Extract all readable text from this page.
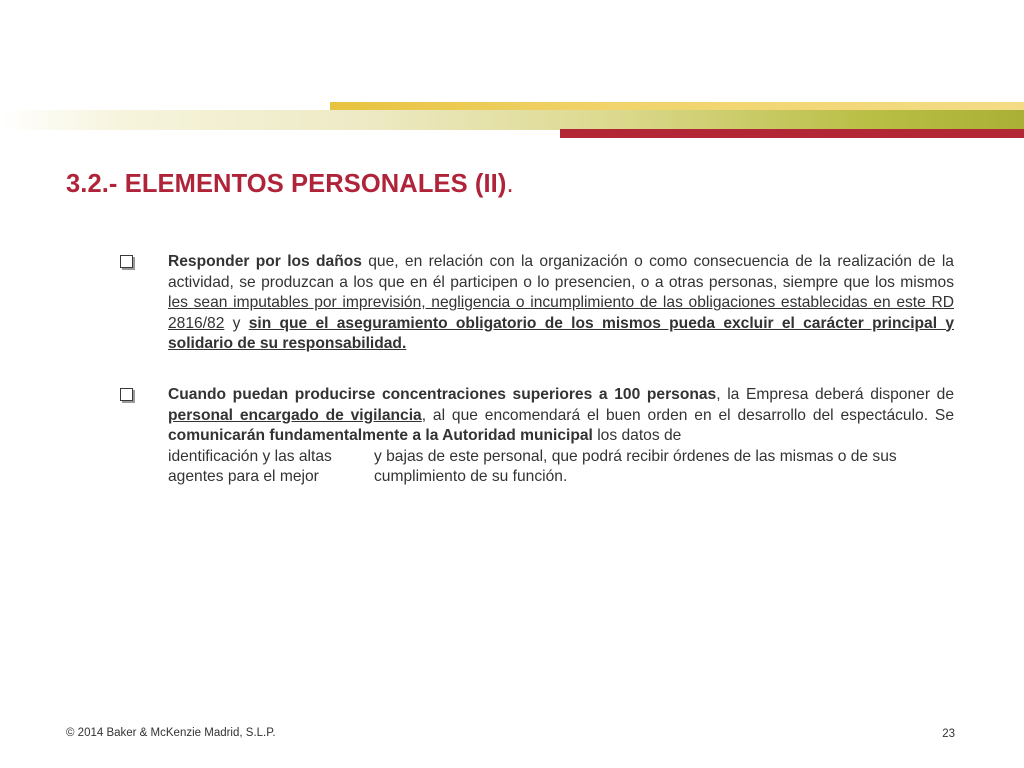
3.2.- ELEMENTOS PERSONALES (II).
Responder por los daños que, en relación con la organización o como consecuencia de la realización de la actividad, se produzcan a los que en él participen o lo presencien, o a otras personas, siempre que los mismos les sean imputables por imprevisión, negligencia o incumplimiento de las obligaciones establecidas en este RD 2816/82 y sin que el aseguramiento obligatorio de los mismos pueda excluir el carácter principal y solidario de su responsabilidad.
Cuando puedan producirse concentraciones superiores a 100 personas, la Empresa deberá disponer de personal encargado de vigilancia, al que encomendará el buen orden en el desarrollo del espectáculo. Se comunicarán fundamentalmente a la Autoridad municipal los datos de
identificación y las altas	y bajas de este personal, que podrá recibir órdenes de las mismas o de sus
agentes para el mejor	cumplimiento de su función.
© 2014 Baker & McKenzie Madrid, S.L.P.	23
